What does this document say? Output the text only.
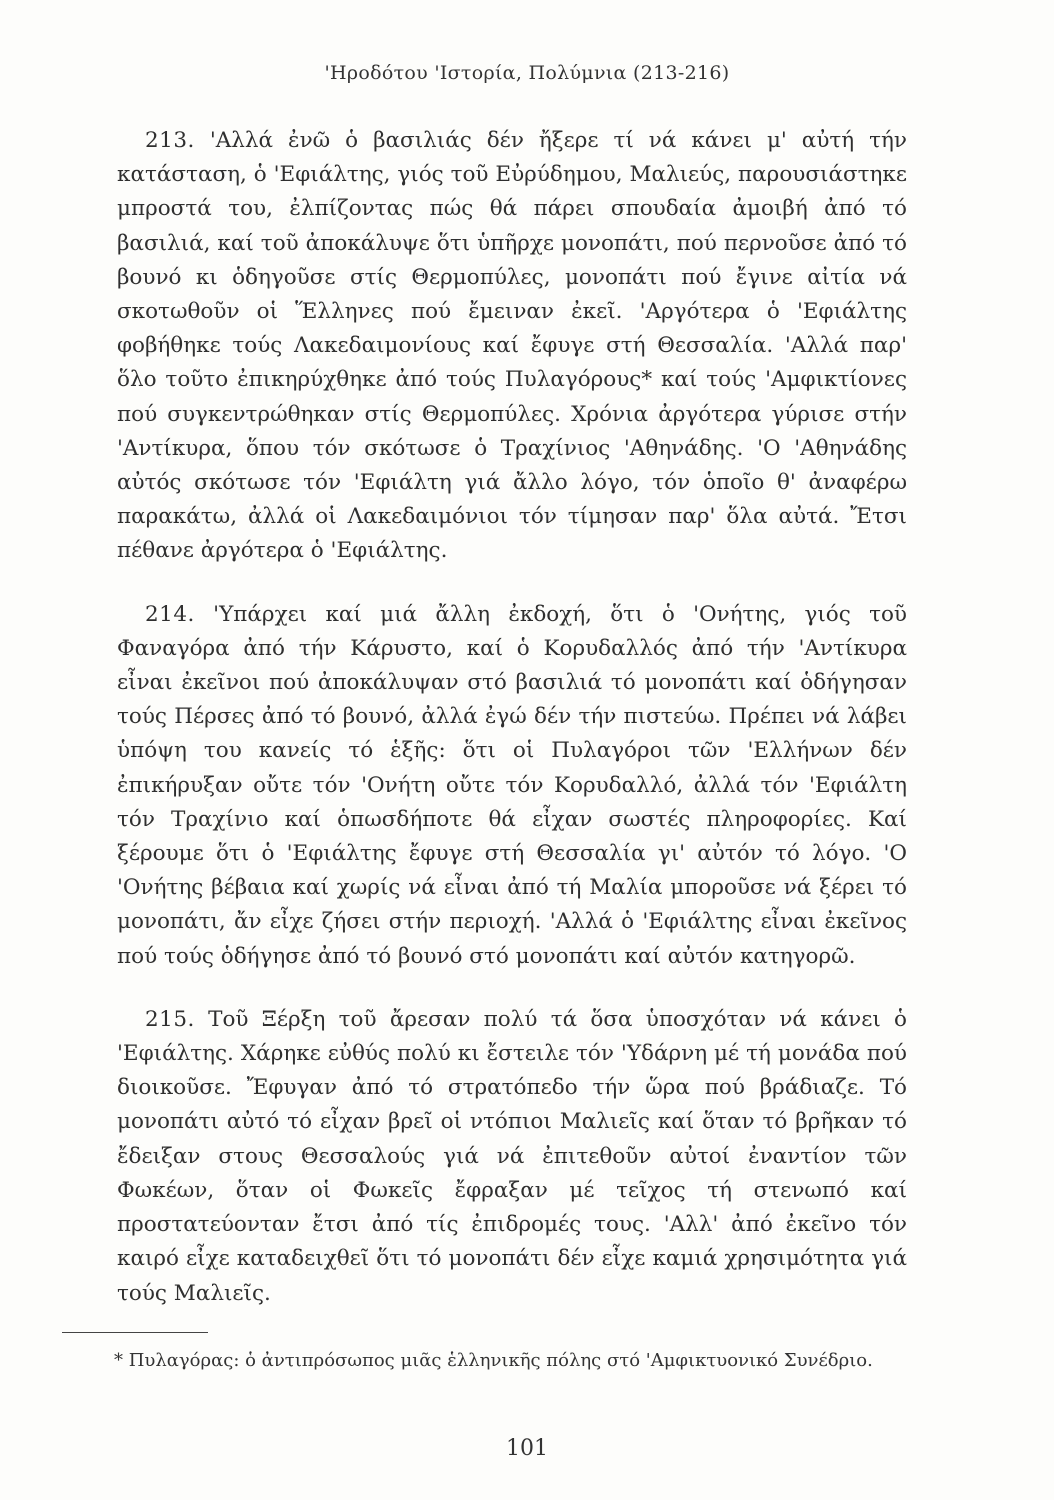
'Ηροδότου 'Ιστορία, Πολύμνια (213-216)

213. 'Αλλά ἐνῶ ὁ βασιλιάς δέν ἤξερε τί νά κάνει μ' αὐτή τήν κατάσταση, ὁ 'Εφιάλτης, γιός τοῦ Εὐρύδημου, Μαλιεύς, παρουσιάστηκε μπροστά του, ἐλπίζοντας πώς θά πάρει σπουδαία ἀμοιβή ἀπό τό βασιλιά, καί τοῦ ἀποκάλυψε ὅτι ὑπῆρχε μονοπάτι, πού περνοῦσε ἀπό τό βουνό κι ὁδηγοῦσε στίς Θερμοπύλες, μονοπάτι πού ἔγινε αἰτία νά σκοτωθοῦν οἱ Ἕλληνες πού ἔμειναν ἐκεῖ. 'Αργότερα ὁ 'Εφιάλτης φοβήθηκε τούς Λακεδαιμονίους καί ἔφυγε στή Θεσσαλία. 'Αλλά παρ' ὅλο τοῦτο ἐπικηρύχθηκε ἀπό τούς Πυλαγόρους* καί τούς 'Αμφικτίονες πού συγκεντρώθηκαν στίς Θερμοπύλες. Χρόνια ἀργότερα γύρισε στήν 'Αντίκυρα, ὅπου τόν σκότωσε ὁ Τραχίνιος 'Αθηνάδης. 'Ο 'Αθηνάδης αὐτός σκότωσε τόν 'Εφιάλτη γιά ἄλλο λόγο, τόν ὁποῖο θ' ἀναφέρω παρακάτω, ἀλλά οἱ Λακεδαιμόνιοι τόν τίμησαν παρ' ὅλα αὐτά. Ἔτσι πέθανε ἀργότερα ὁ 'Εφιάλτης.

214. 'Υπάρχει καί μιά ἄλλη ἐκδοχή, ὅτι ὁ 'Ονήτης, γιός τοῦ Φαναγόρα ἀπό τήν Κάρυστο, καί ὁ Κορυδαλλός ἀπό τήν 'Αντίκυρα εἶναι ἐκεῖνοι πού ἀποκάλυψαν στό βασιλιά τό μονοπάτι καί ὁδήγησαν τούς Πέρσες ἀπό τό βουνό, ἀλλά ἐγώ δέν τήν πιστεύω. Πρέπει νά λάβει ὑπόψη του κανείς τό ἑξῆς: ὅτι οἱ Πυλαγόροι τῶν 'Ελλήνων δέν ἐπικήρυξαν οὔτε τόν 'Ονήτη οὔτε τόν Κορυδαλλό, ἀλλά τόν 'Εφιάλτη τόν Τραχίνιο καί ὁπωσδήποτε θά εἶχαν σωστές πληροφορίες. Καί ξέρουμε ὅτι ὁ 'Εφιάλτης ἔφυγε στή Θεσσαλία γι' αὐτόν τό λόγο. 'Ο 'Ονήτης βέβαια καί χωρίς νά εἶναι ἀπό τή Μαλία μποροῦσε νά ξέρει τό μονοπάτι, ἄν εἶχε ζήσει στήν περιοχή. 'Αλλά ὁ 'Εφιάλτης εἶναι ἐκεῖνος πού τούς ὁδήγησε ἀπό τό βουνό στό μονοπάτι καί αὐτόν κατηγορῶ.

215. Τοῦ Ξέρξη τοῦ ἄρεσαν πολύ τά ὅσα ὑποσχόταν νά κάνει ὁ 'Εφιάλτης. Χάρηκε εὐθύς πολύ κι ἔστειλε τόν 'Υδάρνη μέ τή μονάδα πού διοικοῦσε. Ἔφυγαν ἀπό τό στρατόπεδο τήν ὥρα πού βράδιαζε. Τό μονοπάτι αὐτό τό εἶχαν βρεῖ οἱ ντόπιοι Μαλιεῖς καί ὅταν τό βρῆκαν τό ἔδειξαν στους Θεσσαλούς γιά νά ἐπιτεθοῦν αὐτοί ἐναντίον τῶν Φωκέων, ὅταν οἱ Φωκεῖς ἔφραξαν μέ τεῖχος τή στενωπό καί προστατεύονταν ἔτσι ἀπό τίς ἐπιδρομές τους. 'Αλλ' ἀπό ἐκεῖνο τόν καιρό εἶχε καταδειχθεῖ ὅτι τό μονοπάτι δέν εἶχε καμιά χρησιμότητα γιά τούς Μαλιεῖς.

* Πυλαγόρας: ὁ ἀντιπρόσωπος μιᾶς ἑλληνικῆς πόλης στό 'Αμφικτυονικό Συνέδριο.
101
